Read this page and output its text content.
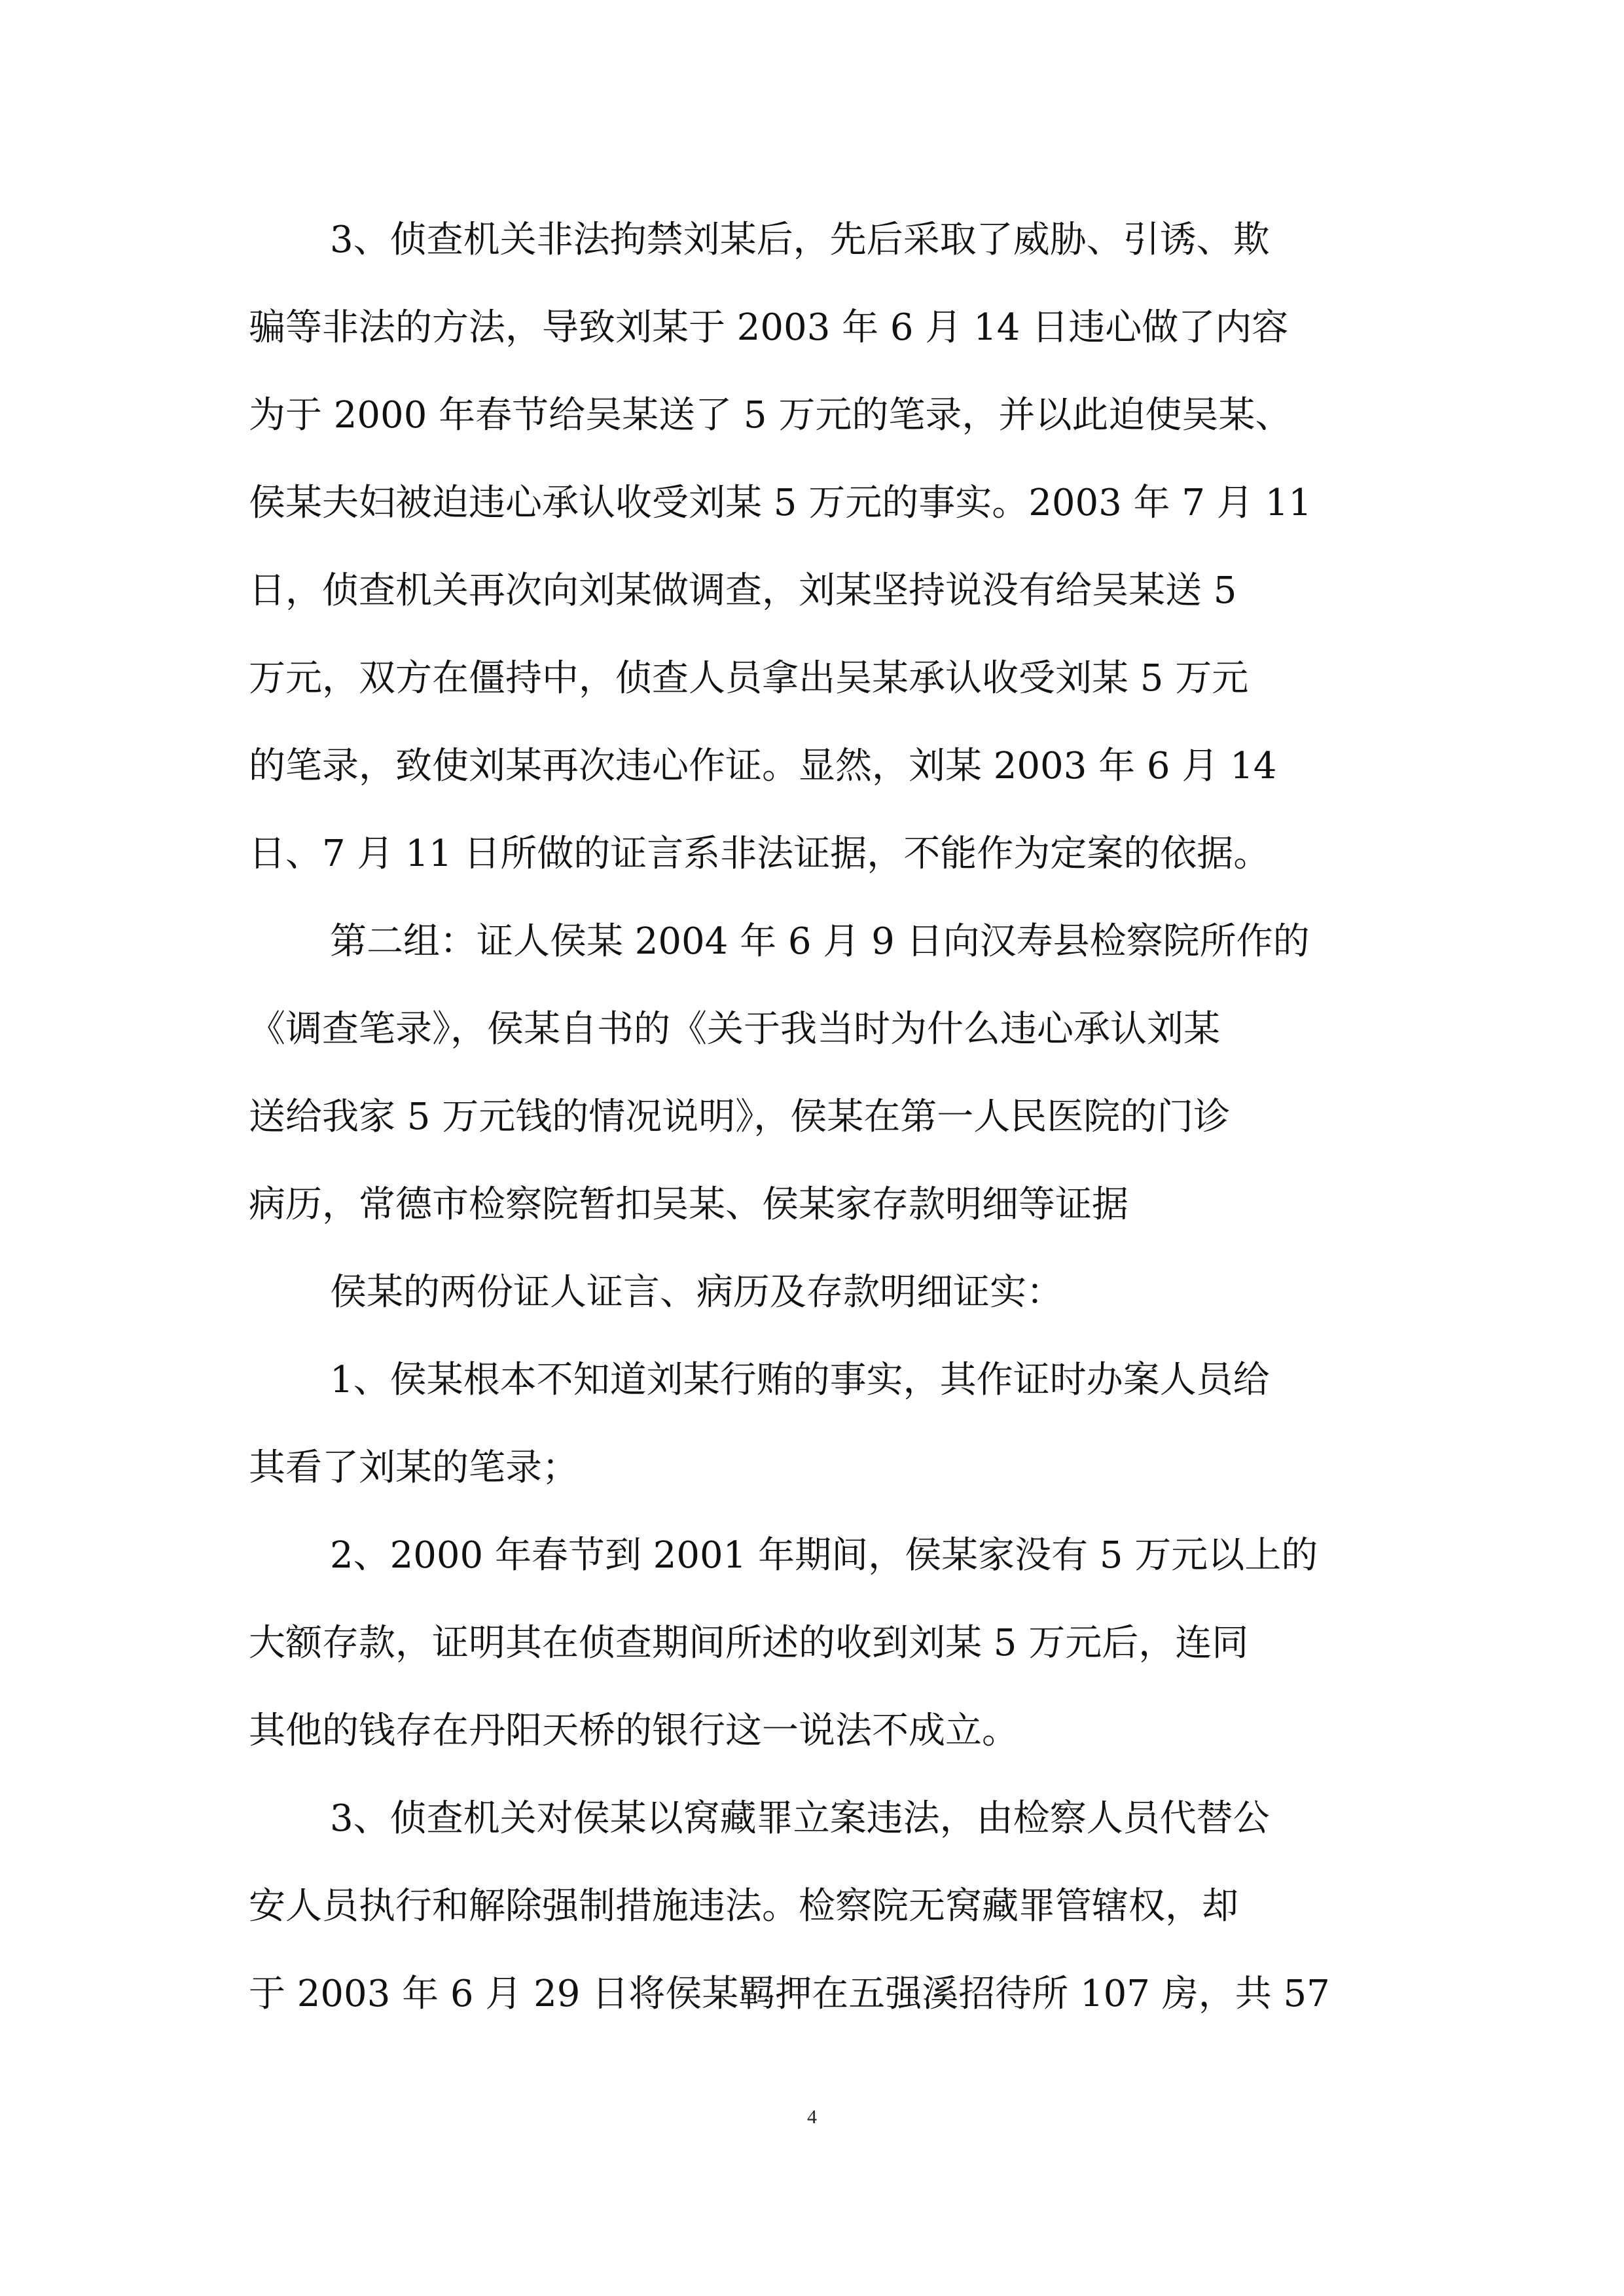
3、侦查机关非法拘禁刘某后，先后采取了威胁、引诱、欺
骗等非法的方法，导致刘某于 2003 年 6 月 14 日违心做了内容
为于 2000 年春节给吴某送了 5 万元的笔录，并以此迫使吴某、
侯某夫妇被迫违心承认收受刘某 5 万元的事实。2003 年 7 月 11
日，侦查机关再次向刘某做调查，刘某坚持说没有给吴某送 5
万元，双方在僵持中，侦查人员拿出吴某承认收受刘某 5 万元
的笔录，致使刘某再次违心作证。显然，刘某 2003 年 6 月 14
日、7 月 11 日所做的证言系非法证据，不能作为定案的依据。
第二组：证人侯某 2004 年 6 月 9 日向汉寿县检察院所作的
《调查笔录》，侯某自书的《关于我当时为什么违心承认刘某
送给我家 5 万元钱的情况说明》，侯某在第一人民医院的门诊
病历，常德市检察院暂扣吴某、侯某家存款明细等证据
侯某的两份证人证言、病历及存款明细证实：
1、侯某根本不知道刘某行贿的事实，其作证时办案人员给
其看了刘某的笔录；
2、2000 年春节到 2001 年期间，侯某家没有 5 万元以上的
大额存款，证明其在侦查期间所述的收到刘某 5 万元后，连同
其他的钱存在丹阳天桥的银行这一说法不成立。
3、侦查机关对侯某以窝藏罪立案违法，由检察人员代替公
安人员执行和解除强制措施违法。检察院无窝藏罪管辖权，却
于 2003 年 6 月 29 日将侯某羁押在五强溪招待所 107 房，共 57
4
